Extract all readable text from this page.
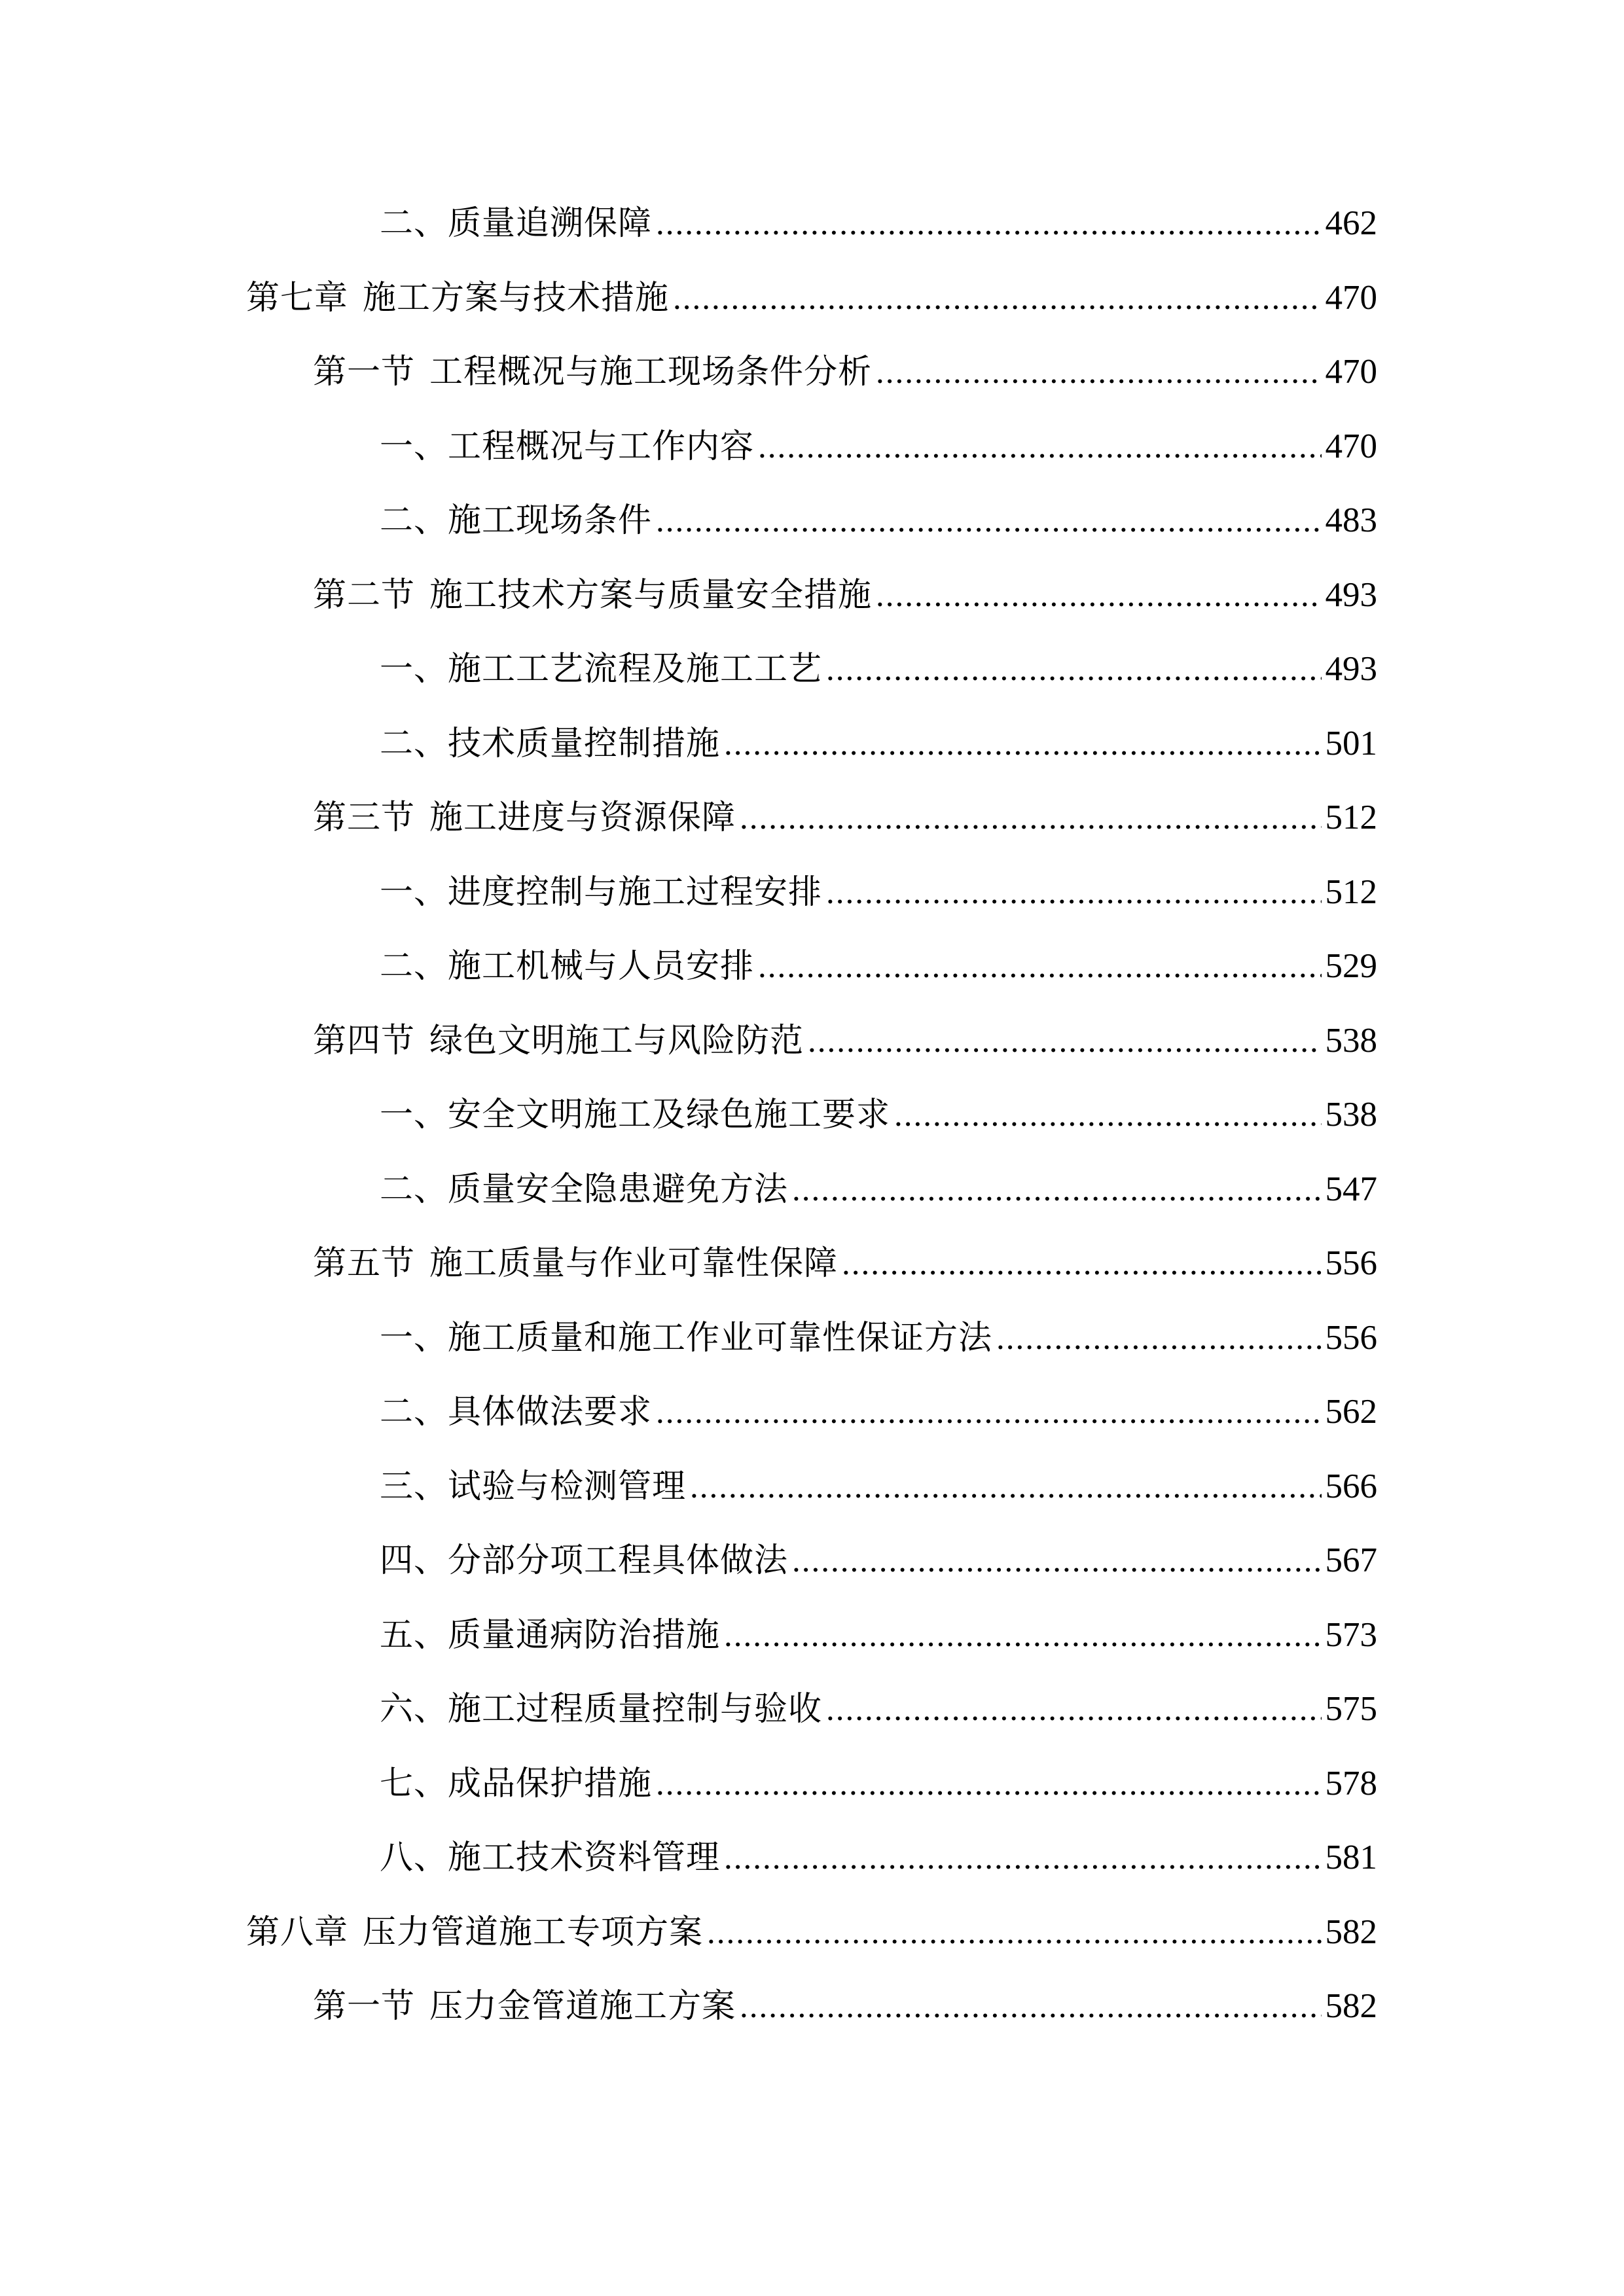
二、质量追溯保障 .....	462
第七章 施工方案与技术措施 .....	470
第一节 工程概况与施工现场条件分析 .....	470
一、工程概况与工作内容 .....	470
二、施工现场条件 .....	483
第二节 施工技术方案与质量安全措施 .....	493
一、施工工艺流程及施工工艺 .....	493
二、技术质量控制措施 .....	501
第三节 施工进度与资源保障 .....	512
一、进度控制与施工过程安排 .....	512
二、施工机械与人员安排 .....	529
第四节 绿色文明施工与风险防范 .....	538
一、安全文明施工及绿色施工要求 .....	538
二、质量安全隐患避免方法 .....	547
第五节 施工质量与作业可靠性保障 .....	556
一、施工质量和施工作业可靠性保证方法 .....	556
二、具体做法要求 .....	562
三、试验与检测管理 .....	566
四、分部分项工程具体做法 .....	567
五、质量通病防治措施 .....	573
六、施工过程质量控制与验收 .....	575
七、成品保护措施 .....	578
八、施工技术资料管理 .....	581
第八章 压力管道施工专项方案 .....	582
第一节 压力金管道施工方案 .....	582
